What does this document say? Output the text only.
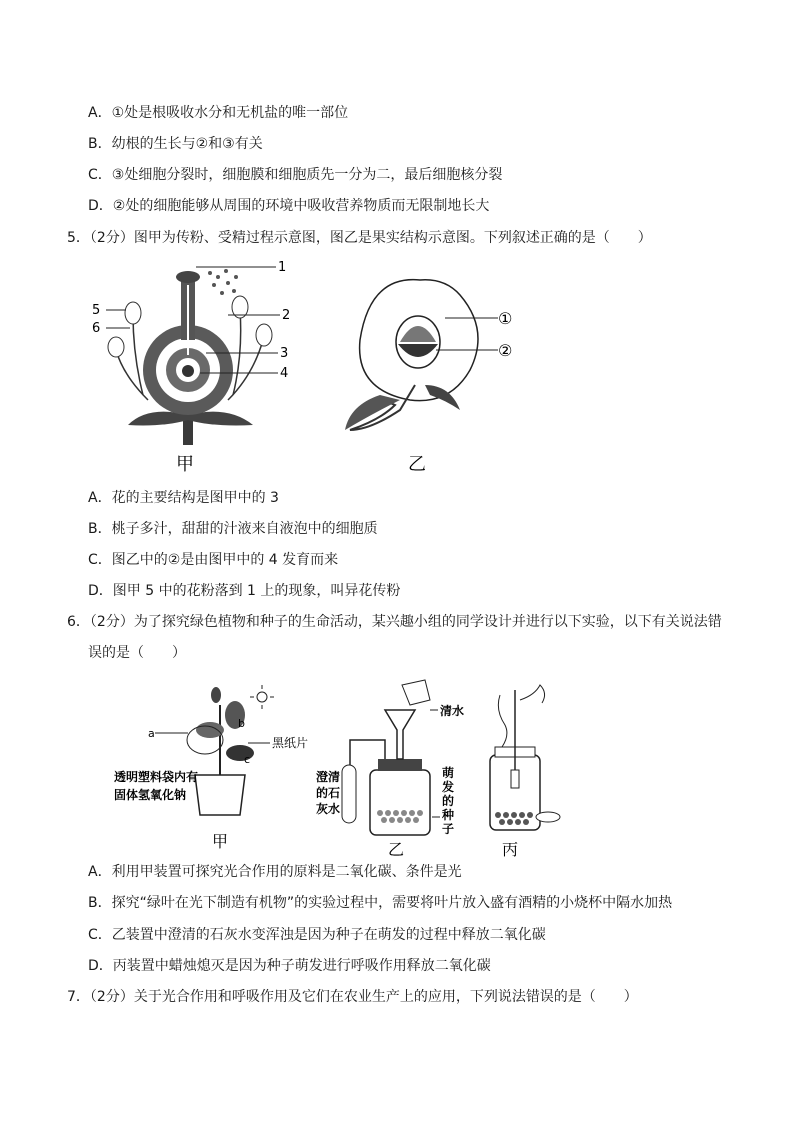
A．①处是根吸收水分和无机盐的唯一部位
B．幼根的生长与②和③有关
C．③处细胞分裂时，细胞膜和细胞质先一分为二，最后细胞核分裂
D．②处的细胞能够从周围的环境中吸收营养物质而无限制地长大
5．（2分）图甲为传粉、受精过程示意图，图乙是果实结构示意图。下列叙述正确的是（　　）
1
2
3
4
5
6
甲
①
②
乙
A．花的主要结构是图甲中的 3
B．桃子多汁，甜甜的汁液来自液泡中的细胞质
C．图乙中的②是由图甲中的 4 发育而来
D．图甲 5 中的花粉落到 1 上的现象，叫异花传粉
6．（2分）为了探究绿色植物和种子的生命活动，某兴趣小组的同学设计并进行以下实验，以下有关说法错
误的是（　　）
a
b
c
黑纸片
透明塑料袋内有
固体氢氧化钠
甲
清水
澄清
的石
灰水
萌
发
的
种
子
乙	丙
A．利用甲装置可探究光合作用的原料是二氧化碳、条件是光
B．探究“绿叶在光下制造有机物”的实验过程中，需要将叶片放入盛有酒精的小烧杯中隔水加热
C．乙装置中澄清的石灰水变浑浊是因为种子在萌发的过程中释放二氧化碳
D．丙装置中蜡烛熄灭是因为种子萌发进行呼吸作用释放二氧化碳
7．（2分）关于光合作用和呼吸作用及它们在农业生产上的应用，下列说法错误的是（　　）
